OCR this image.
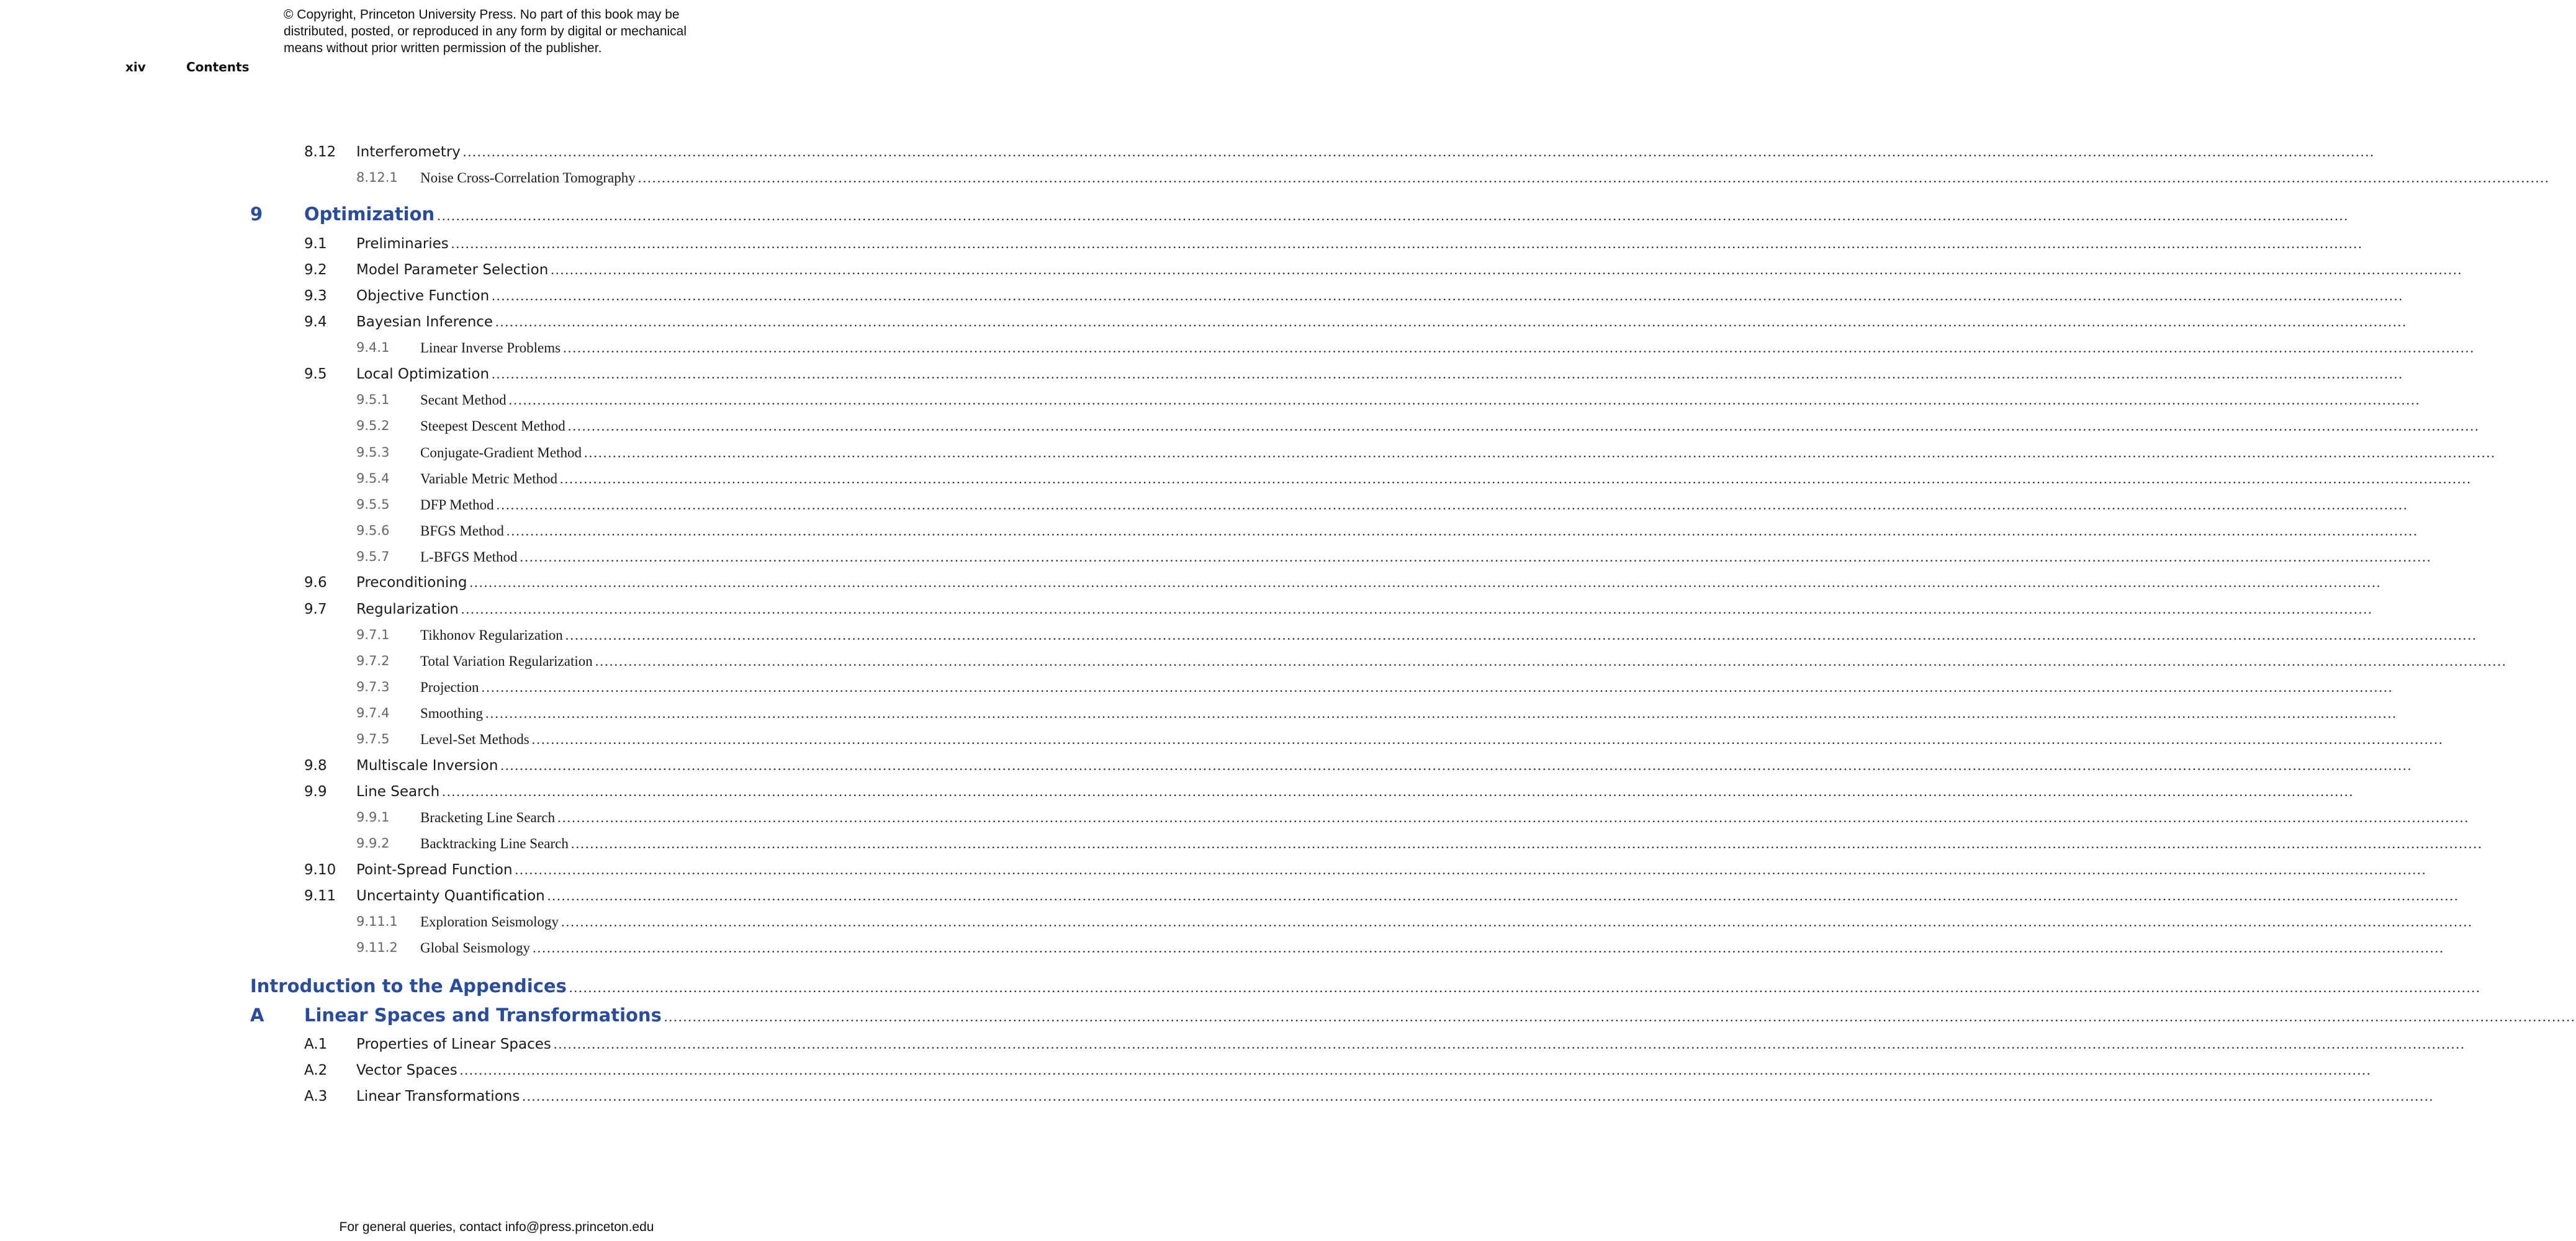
© Copyright, Princeton University Press. No part of this book may be
distributed, posted, or reproduced in any form by digital or mechanical
means without prior written permission of the publisher.
xiv	Contents
8.12 Interferometry ................................................................................................................................................................................................................................................................................................................................................................................................................
8.12.1 Noise Cross-Correlation Tomography ................................................................................................................................................................................................................................................................................................................................................................................................................
9 Optimization ................................................................................................................................................................................................................................................................................................................................................................................................................
9.1 Preliminaries ................................................................................................................................................................................................................................................................................................................................................................................................................
9.2 Model Parameter Selection ................................................................................................................................................................................................................................................................................................................................................................................................................
9.3 Objective Function ................................................................................................................................................................................................................................................................................................................................................................................................................
9.4 Bayesian Inference ................................................................................................................................................................................................................................................................................................................................................................................................................
9.4.1 Linear Inverse Problems ................................................................................................................................................................................................................................................................................................................................................................................................................
9.5 Local Optimization ................................................................................................................................................................................................................................................................................................................................................................................................................
9.5.1 Secant Method ................................................................................................................................................................................................................................................................................................................................................................................................................
9.5.2 Steepest Descent Method ................................................................................................................................................................................................................................................................................................................................................................................................................
9.5.3 Conjugate-Gradient Method ................................................................................................................................................................................................................................................................................................................................................................................................................
9.5.4 Variable Metric Method ................................................................................................................................................................................................................................................................................................................................................................................................................
9.5.5 DFP Method ................................................................................................................................................................................................................................................................................................................................................................................................................
9.5.6 BFGS Method ................................................................................................................................................................................................................................................................................................................................................................................................................
9.5.7 L-BFGS Method ................................................................................................................................................................................................................................................................................................................................................................................................................
9.6 Preconditioning ................................................................................................................................................................................................................................................................................................................................................................................................................
9.7 Regularization ................................................................................................................................................................................................................................................................................................................................................................................................................
9.7.1 Tikhonov Regularization ................................................................................................................................................................................................................................................................................................................................................................................................................
9.7.2 Total Variation Regularization ................................................................................................................................................................................................................................................................................................................................................................................................................
9.7.3 Projection ................................................................................................................................................................................................................................................................................................................................................................................................................
9.7.4 Smoothing ................................................................................................................................................................................................................................................................................................................................................................................................................
9.7.5 Level-Set Methods ................................................................................................................................................................................................................................................................................................................................................................................................................
9.8 Multiscale Inversion ................................................................................................................................................................................................................................................................................................................................................................................................................
9.9 Line Search ................................................................................................................................................................................................................................................................................................................................................................................................................
9.9.1 Bracketing Line Search ................................................................................................................................................................................................................................................................................................................................................................................................................
9.9.2 Backtracking Line Search ................................................................................................................................................................................................................................................................................................................................................................................................................
9.10 Point-Spread Function ................................................................................................................................................................................................................................................................................................................................................................................................................
9.11 Uncertainty Quantification ................................................................................................................................................................................................................................................................................................................................................................................................................
9.11.1 Exploration Seismology ................................................................................................................................................................................................................................................................................................................................................................................................................
9.11.2 Global Seismology ................................................................................................................................................................................................................................................................................................................................................................................................................
Introduction to the Appendices ................................................................................................................................................................................................................................................................................................................................................................................................................
A Linear Spaces and Transformations ................................................................................................................................................................................................................................................................................................................................................................................................................
A.1 Properties of Linear Spaces ................................................................................................................................................................................................................................................................................................................................................................................................................
A.2 Vector Spaces ................................................................................................................................................................................................................................................................................................................................................................................................................
A.3 Linear Transformations ................................................................................................................................................................................................................................................................................................................................................................................................................
For general queries, contact info@press.princeton.edu
